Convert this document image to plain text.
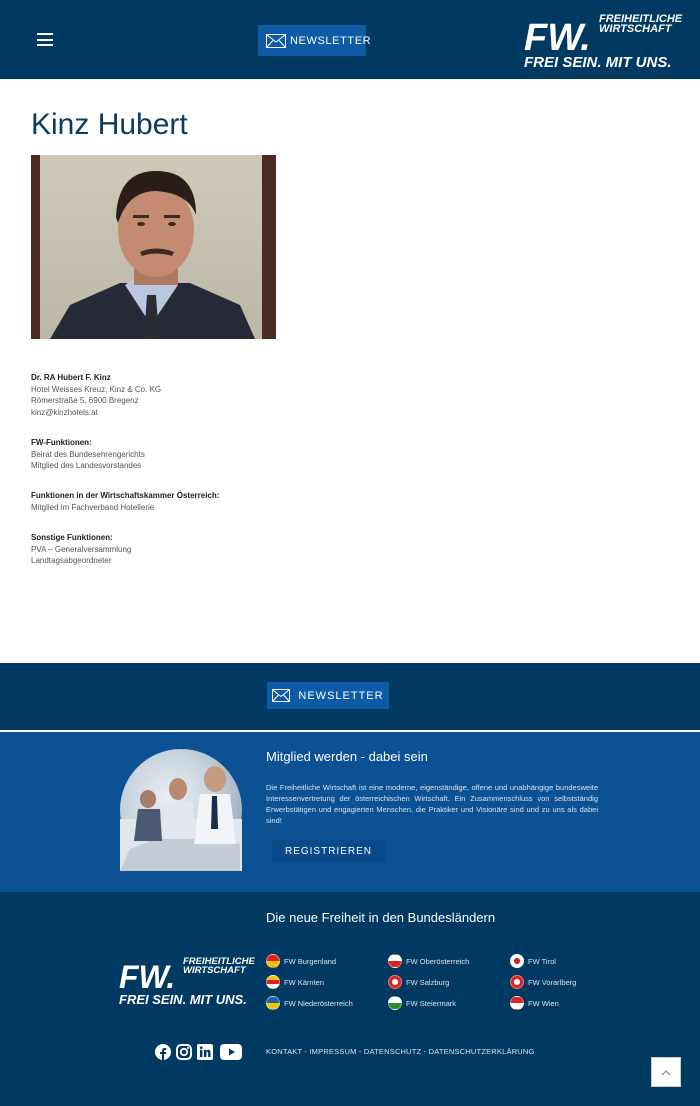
NEWSLETTER	FW. FREIHEITLICHE
WIRTSCHAFT
FREI SEIN. MIT UNS.
Kinz Hubert
Dr. RA Hubert F. Kinz
Hotel Weisses Kreuz, Kinz & Co. KG
Römerstraße 5, 6900 Bregenz
kinz@kinzhotels.at
FW-Funktionen:
Beirat des Bundesehrengerichts
Mitglied des Landesvorstandes
Funktionen in der Wirtschaftskammer Österreich:
Mitglied im Fachverband Hotellerie
Sonstige Funktionen:
PVA – Generalversammlung
Landtagsabgeordneter
NEWSLETTER
Mitglied werden - dabei sein
Die Freiheitliche Wirtschaft ist eine moderne, eigenständige, offene und unabhängige bundesweite Interessenvertretung der österreichischen Wirtschaft. Ein Zusammenschluss von selbstständig Erwerbstätigen und engagierten Menschen, die Praktiker und Visionäre sind und zu uns als dabei sind!
REGISTRIEREN
Die neue Freiheit in den Bundesländern
FW. FREIHEITLICHE
WIRTSCHAFT
FREI SEIN. MIT UNS.
FW Burgenland
FW Kärnten
FW Niederösterreich
FW Oberösterreich
FW Salzburg
FW Steiermark
FW Tirol
FW Vorarlberg
FW Wien
KONTAKT - IMPRESSUM - DATENSCHUTZ - DATENSCHUTZERKLÄRUNG
